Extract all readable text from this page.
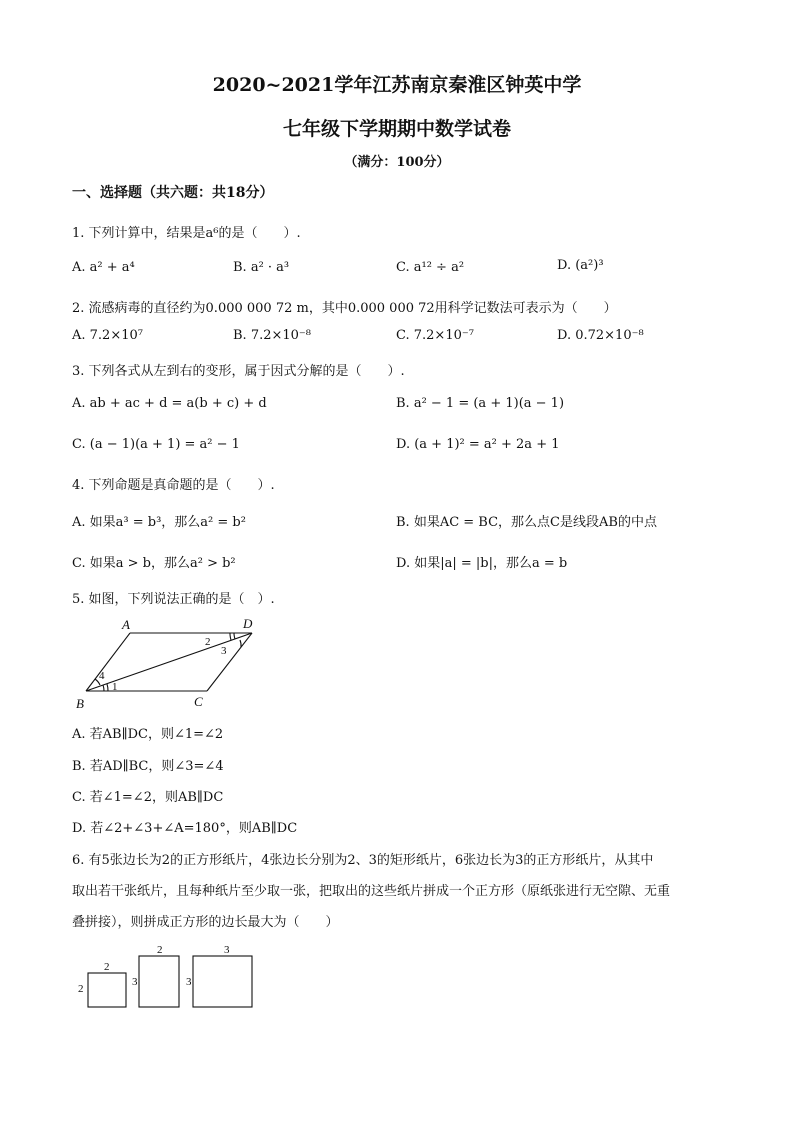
2020~2021学年江苏南京秦淮区钟英中学
七年级下学期期中数学试卷
（满分：100分）
一、选择题（共六题：共18分）
1. 下列计算中，结果是a⁶的是（　　）.
A. a² + a⁴	B. a² · a³	C. a¹² ÷ a²	D. (a²)³
2. 流感病毒的直径约为0.000 000 72 m，其中0.000 000 72用科学记数法可表示为（　　）
A. 7.2×10⁷	B. 7.2×10⁻⁸	C. 7.2×10⁻⁷	D. 0.72×10⁻⁸
3. 下列各式从左到右的变形，属于因式分解的是（　　）.
A. ab + ac + d = a(b + c) + d	B. a² − 1 = (a + 1)(a − 1)
C. (a − 1)(a + 1) = a² − 1	D. (a + 1)² = a² + 2a + 1
4. 下列命题是真命题的是（　　）.
A. 如果a³ = b³，那么a² = b²	B. 如果AC = BC，那么点C是线段AB的中点
C. 如果a > b，那么a² > b²	D. 如果|a| = |b|，那么a = b
5. 如图，下列说法正确的是（　）.
A	D
B	C
1
2
3
4
A. 若AB∥DC，则∠1=∠2
B. 若AD∥BC，则∠3=∠4
C. 若∠1=∠2，则AB∥DC
D. 若∠2+∠3+∠A=180°，则AB∥DC
6. 有5张边长为2的正方形纸片，4张边长分别为2、3的矩形纸片，6张边长为3的正方形纸片，从其中
取出若干张纸片，且每种纸片至少取一张，把取出的这些纸片拼成一个正方形（原纸张进行无空隙、无重
叠拼接），则拼成正方形的边长最大为（　　）
2
2
2
3
3
3
